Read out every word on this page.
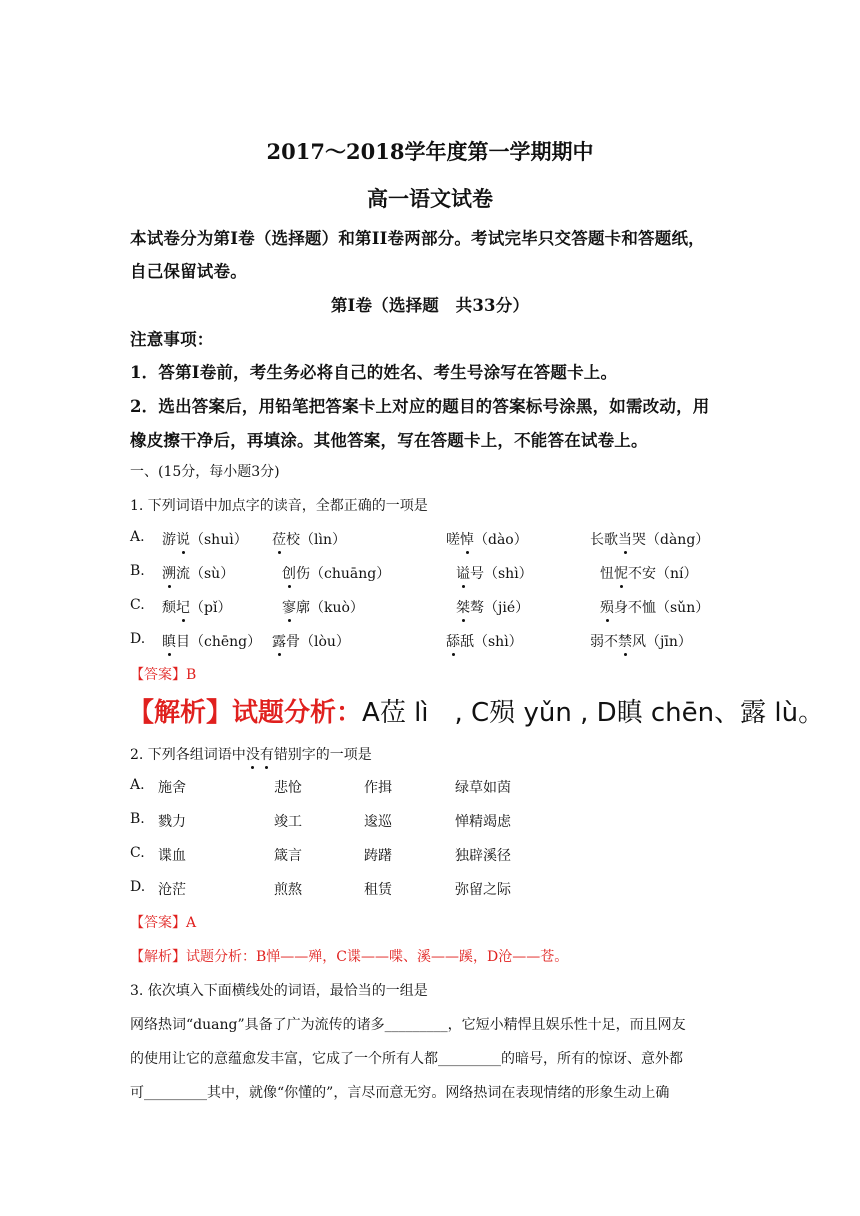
2017～2018学年度第一学期期中
高一语文试卷
本试卷分为第Ⅰ卷（选择题）和第II卷两部分。考试完毕只交答题卡和答题纸，
自己保留试卷。
第Ⅰ卷（选择题　共33分）
注意事项：
1．答第Ⅰ卷前，考生务必将自己的姓名、考生号涂写在答题卡上。
2．选出答案后，用铅笔把答案卡上对应的题目的答案标号涂黑，如需改动，用
橡皮擦干净后，再填涂。其他答案，写在答题卡上，不能答在试卷上。
一、(15分，每小题3分)
1. 下列词语中加点字的读音，全都正确的一项是
A. 游说（shuì） 莅校（lìn）	嗟悼（dào）	长歌当哭（dàng）
B. 溯流（sù）	创伤（chuāng）	谥号（shì）	忸怩不安（ní）
C. 颓圮（pǐ）	寥廓（kuò）	桀骜（jié）	殒身不恤（sǔn）
D. 瞋目（chēng） 露骨（lòu）	舔舐（shì）	弱不禁风（jīn）
【答案】B
【解析】试题分析：A莅 lì　, C殒 yǔn , D瞋 chēn、露 lù。
2. 下列各组词语中没有错别字的一项是
A. 施舍	悲怆	作揖	绿草如茵
B. 戮力	竣工	逡巡	惮精竭虑
C. 谍血	箴言	踌躇	独辟溪径
D. 沧茫	煎熬	租赁	弥留之际
【答案】A
【解析】试题分析：B惮——殚，C谍——喋、溪——蹊，D沧——苍。
3. 依次填入下面横线处的词语，最恰当的一组是
网络热词“duang”具备了广为流传的诸多_________，它短小精悍且娱乐性十足，而且网友
的使用让它的意蕴愈发丰富，它成了一个所有人都_________的暗号，所有的惊讶、意外都
可_________其中，就像“你懂的”，言尽而意无穷。网络热词在表现情绪的形象生动上确
